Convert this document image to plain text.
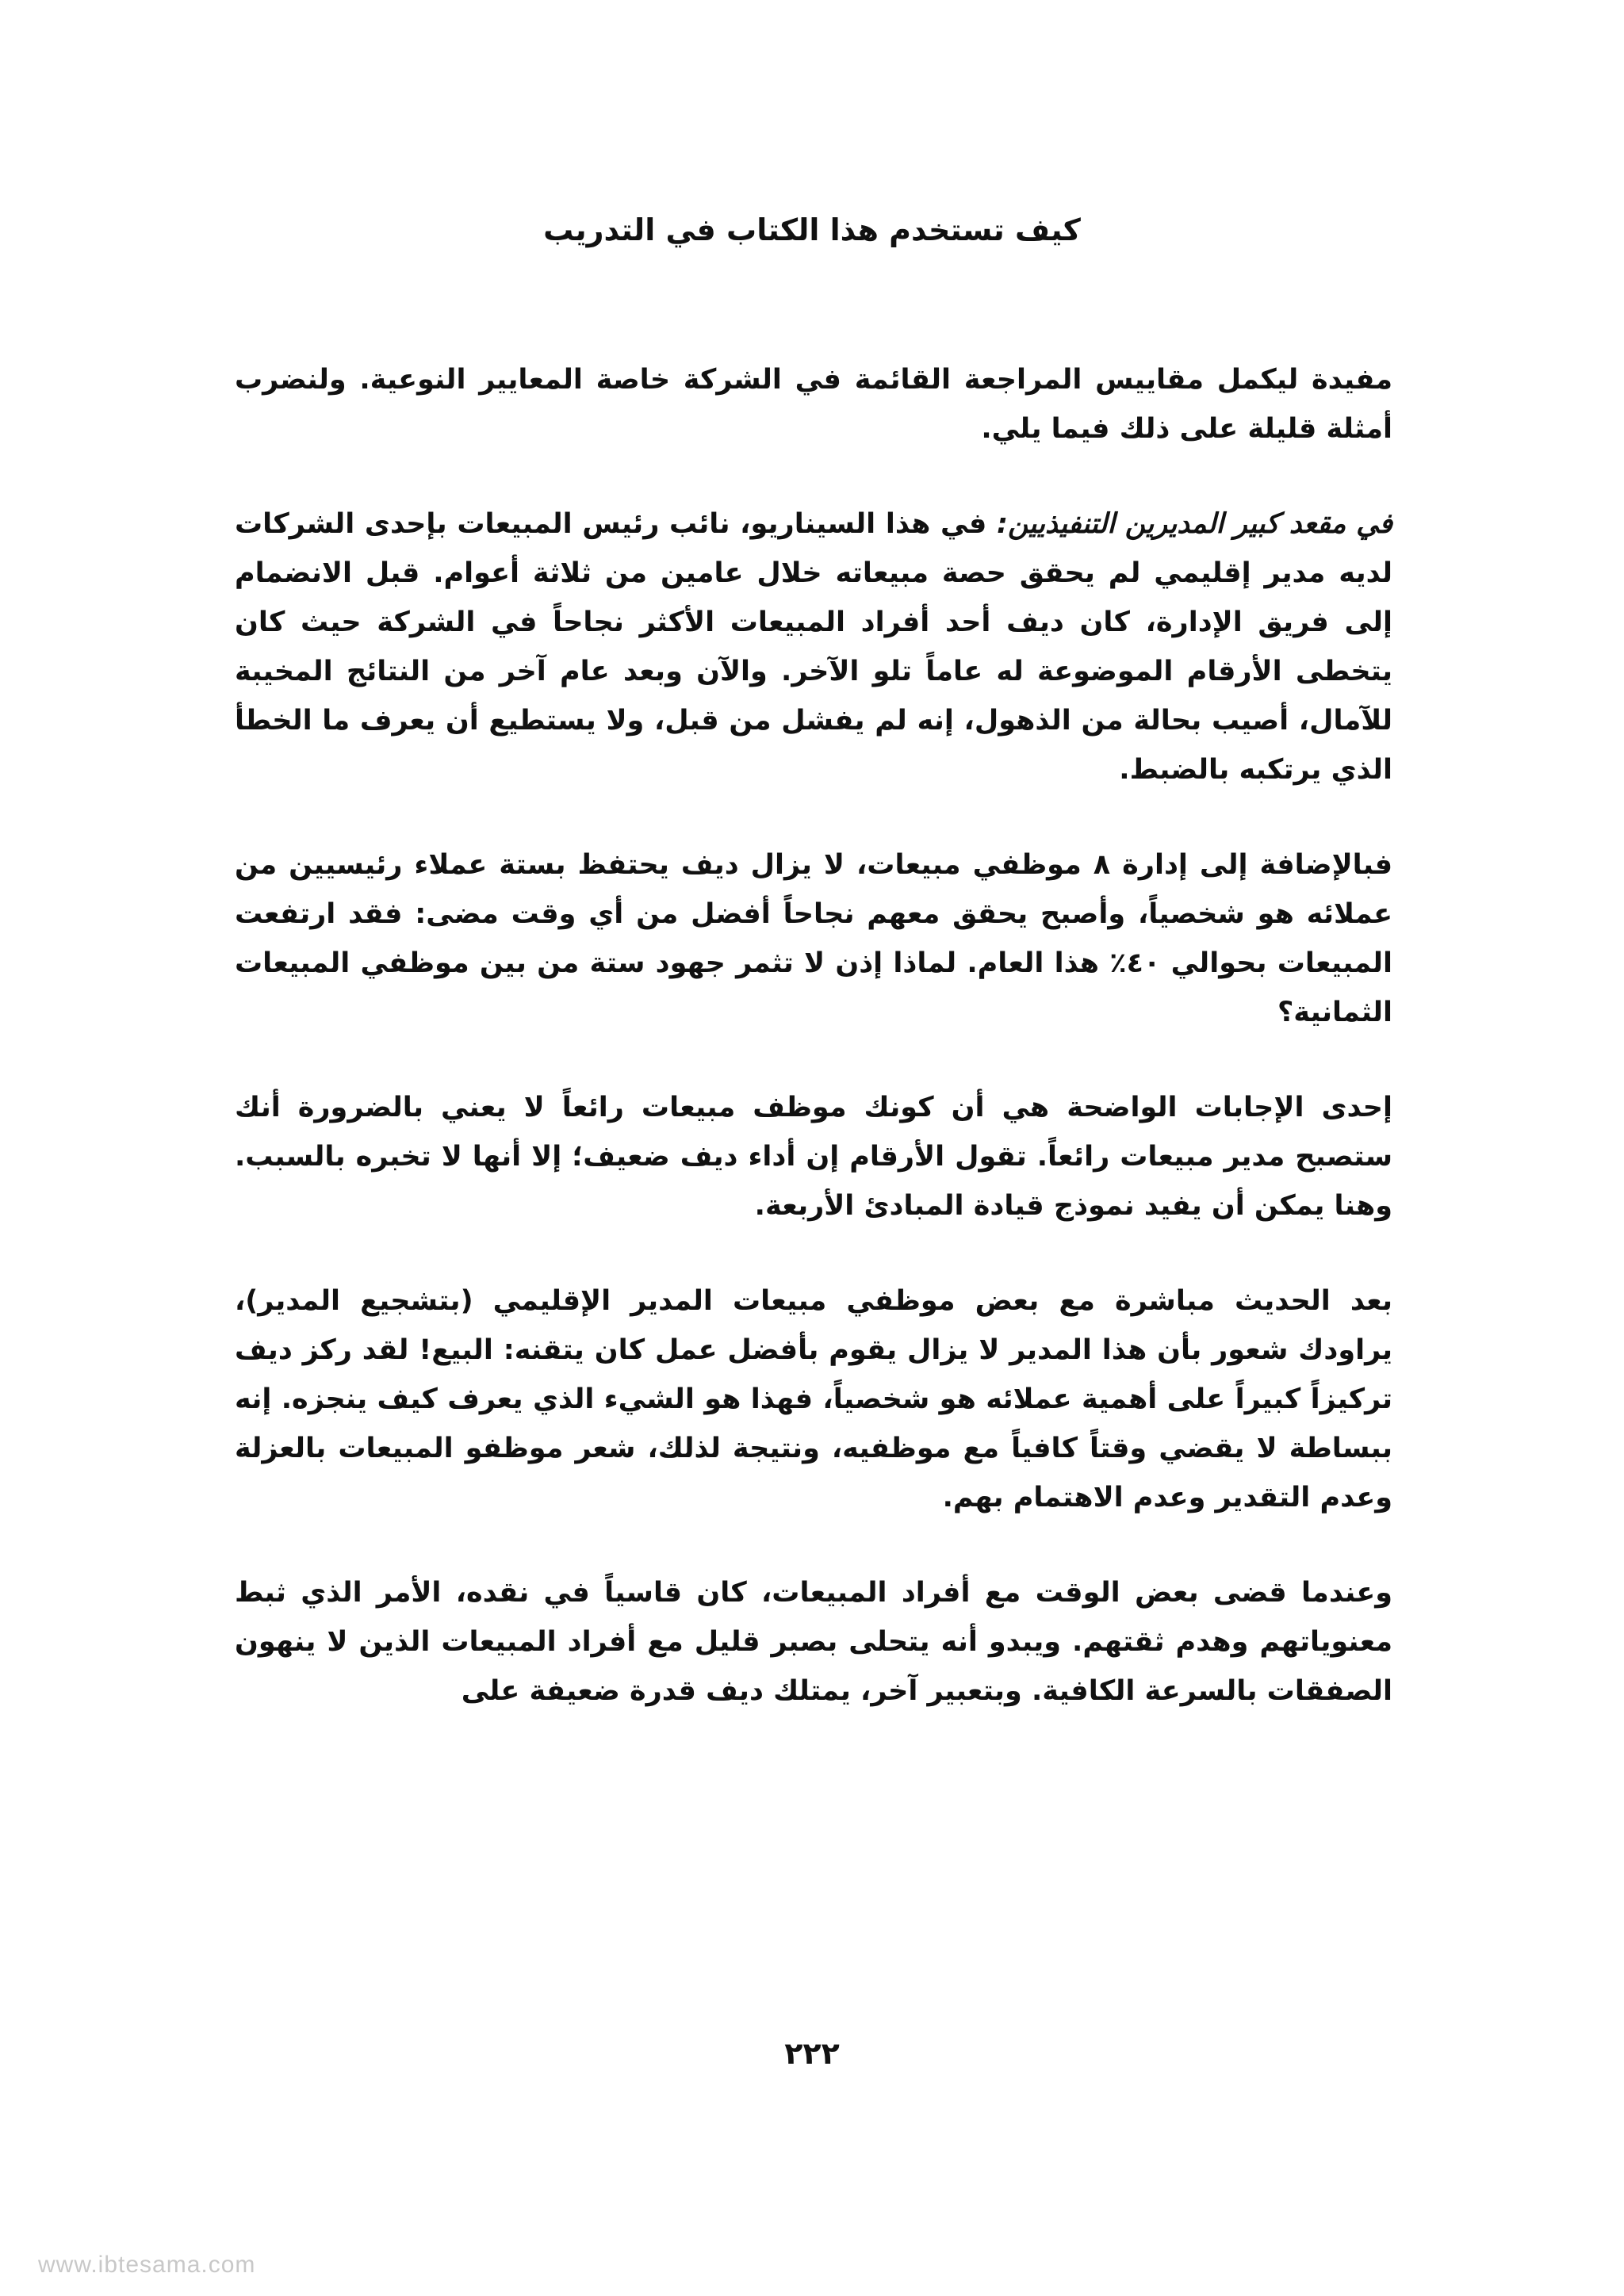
كيف تستخدم هذا الكتاب في التدريب

مفيدة ليكمل مقاييس المراجعة القائمة في الشركة خاصة المعايير النوعية. ولنضرب أمثلة قليلة على ذلك فيما يلي.

في مقعد كبير المديرين التنفيذيين: في هذا السيناريو، نائب رئيس المبيعات بإحدى الشركات لديه مدير إقليمي لم يحقق حصة مبيعاته خلال عامين من ثلاثة أعوام. قبل الانضمام إلى فريق الإدارة، كان ديف أحد أفراد المبيعات الأكثر نجاحاً في الشركة حيث كان يتخطى الأرقام الموضوعة له عاماً تلو الآخر. والآن وبعد عام آخر من النتائج المخيبة للآمال، أصيب بحالة من الذهول، إنه لم يفشل من قبل، ولا يستطيع أن يعرف ما الخطأ الذي يرتكبه بالضبط.

فبالإضافة إلى إدارة ٨ موظفي مبيعات، لا يزال ديف يحتفظ بستة عملاء رئيسيين من عملائه هو شخصياً، وأصبح يحقق معهم نجاحاً أفضل من أي وقت مضى: فقد ارتفعت المبيعات بحوالي ٤٠٪ هذا العام. لماذا إذن لا تثمر جهود ستة من بين موظفي المبيعات الثمانية؟

إحدى الإجابات الواضحة هي أن كونك موظف مبيعات رائعاً لا يعني بالضرورة أنك ستصبح مدير مبيعات رائعاً. تقول الأرقام إن أداء ديف ضعيف؛ إلا أنها لا تخبره بالسبب. وهنا يمكن أن يفيد نموذج قيادة المبادئ الأربعة.

بعد الحديث مباشرة مع بعض موظفي مبيعات المدير الإقليمي (بتشجيع المدير)، يراودك شعور بأن هذا المدير لا يزال يقوم بأفضل عمل كان يتقنه: البيع! لقد ركز ديف تركيزاً كبيراً على أهمية عملائه هو شخصياً، فهذا هو الشيء الذي يعرف كيف ينجزه. إنه ببساطة لا يقضي وقتاً كافياً مع موظفيه، ونتيجة لذلك، شعر موظفو المبيعات بالعزلة وعدم التقدير وعدم الاهتمام بهم.

وعندما قضى بعض الوقت مع أفراد المبيعات، كان قاسياً في نقده، الأمر الذي ثبط معنوياتهم وهدم ثقتهم. ويبدو أنه يتحلى بصبر قليل مع أفراد المبيعات الذين لا ينهون الصفقات بالسرعة الكافية. وبتعبير آخر، يمتلك ديف قدرة ضعيفة على

٢٢٢
www.ibtesama.com
